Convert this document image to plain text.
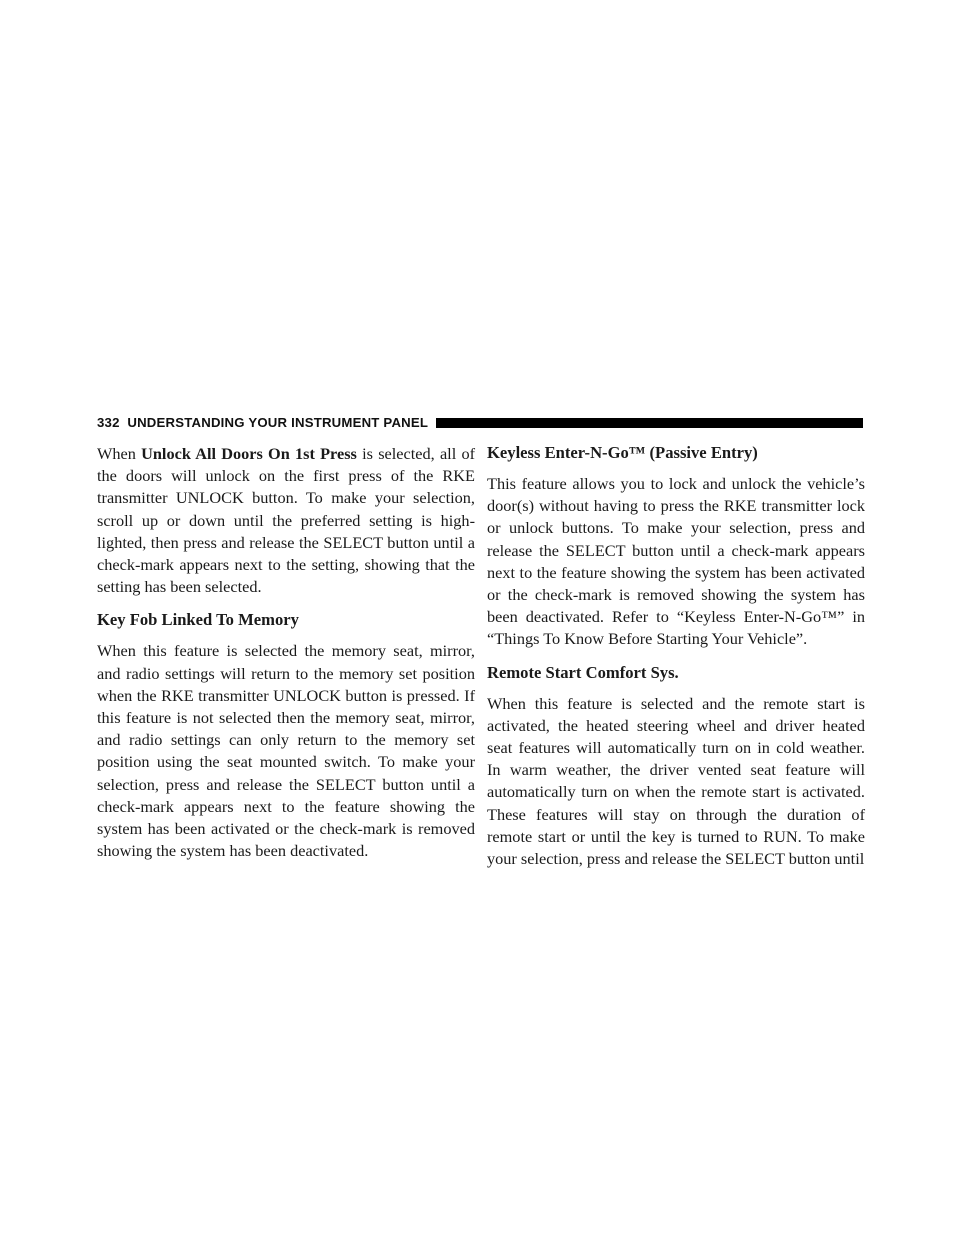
332 UNDERSTANDING YOUR INSTRUMENT PANEL

When Unlock All Doors On 1st Press is selected, all of the doors will unlock on the first press of the RKE transmitter UNLOCK button. To make your selection, scroll up or down until the preferred setting is highlighted, then press and release the SELECT button until a check-mark appears next to the setting, showing that the setting has been selected.

Key Fob Linked To Memory

When this feature is selected the memory seat, mirror, and radio settings will return to the memory set position when the RKE transmitter UNLOCK button is pressed. If this feature is not selected then the memory seat, mirror, and radio settings can only return to the memory set position using the seat mounted switch. To make your selection, press and release the SELECT button until a check-mark appears next to the feature showing the system has been activated or the check-mark is removed showing the system has been deactivated.

Keyless Enter-N-Go™ (Passive Entry)

This feature allows you to lock and unlock the vehicle’s door(s) without having to press the RKE transmitter lock or unlock buttons. To make your selection, press and release the SELECT button until a check-mark appears next to the feature showing the system has been activated or the check-mark is removed showing the system has been deactivated. Refer to “Keyless Enter-N-Go™” in “Things To Know Before Starting Your Vehicle”.

Remote Start Comfort Sys.

When this feature is selected and the remote start is activated, the heated steering wheel and driver heated seat features will automatically turn on in cold weather. In warm weather, the driver vented seat feature will automatically turn on when the remote start is activated. These features will stay on through the duration of remote start or until the key is turned to RUN. To make your selection, press and release the SELECT button until
